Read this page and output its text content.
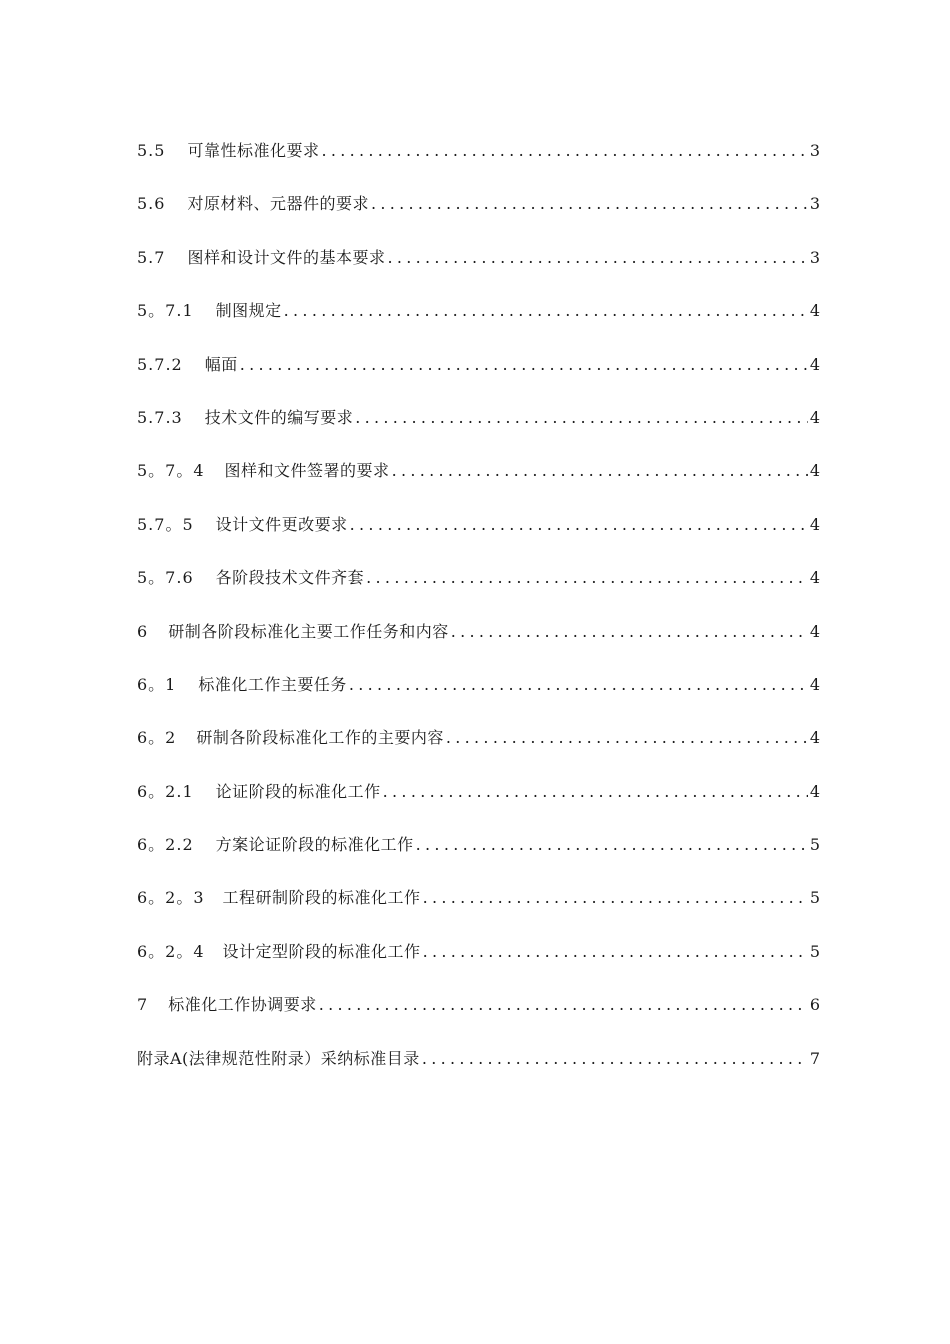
5.5 可靠性标准化要求 .....	3
5.6 对原材料、元器件的要求 .....	3
5.7 图样和设计文件的基本要求 .....	3
5。7.1 制图规定 .....	4
5.7.2 幅面 .....	4
5.7.3 技术文件的编写要求 .....	4
5。7。4 图样和文件签署的要求 .....	4
5.7。5 设计文件更改要求 .....	4
5。7.6 各阶段技术文件齐套 .....	4
6 研制各阶段标准化主要工作任务和内容 .....	4
6。1 标准化工作主要任务 .....	4
6。2 研制各阶段标准化工作的主要内容 .....	4
6。2.1 论证阶段的标准化工作 .....	4
6。2.2 方案论证阶段的标准化工作 .....	5
6。2。3 工程研制阶段的标准化工作 .....	5
6。2。4 设计定型阶段的标准化工作 .....	5
7 标准化工作协调要求 .....	6
附录A(法律规范性附录）采纳标准目录 .....	7
